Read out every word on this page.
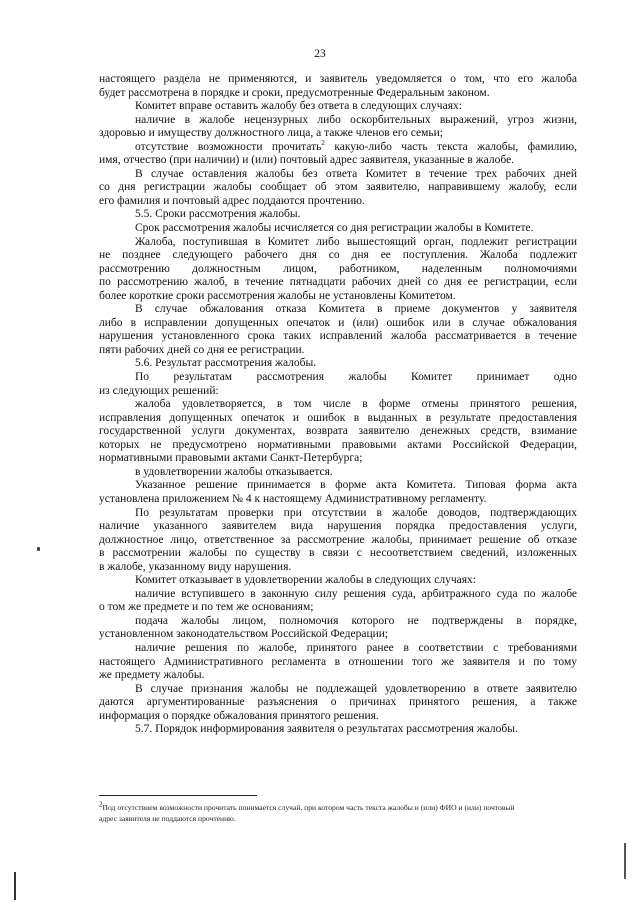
23
настоящего раздела не применяются, и заявитель уведомляется о том, что его жалоба
будет рассмотрена в порядке и сроки, предусмотренные Федеральным законом.
Комитет вправе оставить жалобу без ответа в следующих случаях:
наличие в жалобе нецензурных либо оскорбительных выражений, угроз жизни,
здоровью и имуществу должностного лица, а также членов его семьи;
отсутствие возможности прочитать$^2$ какую-либо часть текста жалобы, фамилию,
имя, отчество (при наличии) и (или) почтовый адрес заявителя, указанные в жалобе.
В случае оставления жалобы без ответа Комитет в течение трех рабочих дней
со дня регистрации жалобы сообщает об этом заявителю, направившему жалобу, если
его фамилия и почтовый адрес поддаются прочтению.
5.5. Сроки рассмотрения жалобы.
Срок рассмотрения жалобы исчисляется со дня регистрации жалобы в Комитете.
Жалоба, поступившая в Комитет либо вышестоящий орган, подлежит регистрации
не позднее следующего рабочего дня со дня ее поступления. Жалоба подлежит
рассмотрению должностным лицом, работником, наделенным полномочиями
по рассмотрению жалоб, в течение пятнадцати рабочих дней со дня ее регистрации, если
более короткие сроки рассмотрения жалобы не установлены Комитетом.
В случае обжалования отказа Комитета в приеме документов у заявителя
либо в исправлении допущенных опечаток и (или) ошибок или в случае обжалования
нарушения установленного срока таких исправлений жалоба рассматривается в течение
пяти рабочих дней со дня ее регистрации.
5.6. Результат рассмотрения жалобы.
По результатам рассмотрения жалобы Комитет принимает одно
из следующих решений:
жалоба удовлетворяется, в том числе в форме отмены принятого решения,
исправления допущенных опечаток и ошибок в выданных в результате предоставления
государственной услуги документах, возврата заявителю денежных средств, взимание
которых не предусмотрено нормативными правовыми актами Российской Федерации,
нормативными правовыми актами Санкт-Петербурга;
в удовлетворении жалобы отказывается.
Указанное решение принимается в форме акта Комитета. Типовая форма акта
установлена приложением № 4 к настоящему Административному регламенту.
По результатам проверки при отсутствии в жалобе доводов, подтверждающих
наличие указанного заявителем вида нарушения порядка предоставления услуги,
должностное лицо, ответственное за рассмотрение жалобы, принимает решение об отказе
в рассмотрении жалобы по существу в связи с несоответствием сведений, изложенных
в жалобе, указанному виду нарушения.
Комитет отказывает в удовлетворении жалобы в следующих случаях:
наличие вступившего в законную силу решения суда, арбитражного суда по жалобе
о том же предмете и по тем же основаниям;
подача жалобы лицом, полномочия которого не подтверждены в порядке,
установленном законодательством Российской Федерации;
наличие решения по жалобе, принятого ранее в соответствии с требованиями
настоящего Административного регламента в отношении того же заявителя и по тому
же предмету жалобы.
В случае признания жалобы не подлежащей удовлетворению в ответе заявителю
даются аргументированные разъяснения о причинах принятого решения, а также
информация о порядке обжалования принятого решения.
5.7. Порядок информирования заявителя о результатах рассмотрения жалобы.
2Под отсутствием возможности прочитать понимается случай, при котором часть текста жалобы и (или) ФИО и (или) почтовый
адрес заявителя не поддаются прочтению.
